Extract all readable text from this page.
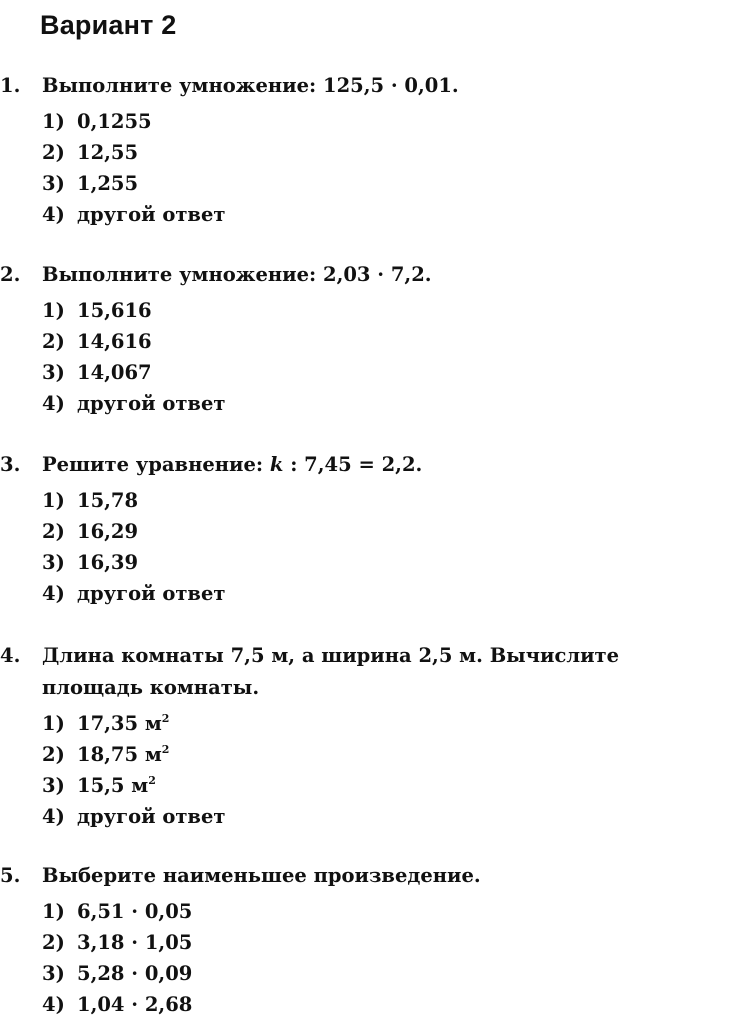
Вариант 2
1. Выполните умножение: 125,5 · 0,01.
1) 0,1255
2) 12,55
3) 1,255
4) другой ответ
2. Выполните умножение: 2,03 · 7,2.
1) 15,616
2) 14,616
3) 14,067
4) другой ответ
3. Решите уравнение: k : 7,45 = 2,2.
1) 15,78
2) 16,29
3) 16,39
4) другой ответ
4. Длина комнаты 7,5 м, а ширина 2,5 м. Вычислите площадь комнаты.
1) 17,35 $м^2$
2) 18,75 $м^2$
3) 15,5 $м^2$
4) другой ответ
5. Выберите наименьшее произведение.
1) 6,51 · 0,05
2) 3,18 · 1,05
3) 5,28 · 0,09
4) 1,04 · 2,68
